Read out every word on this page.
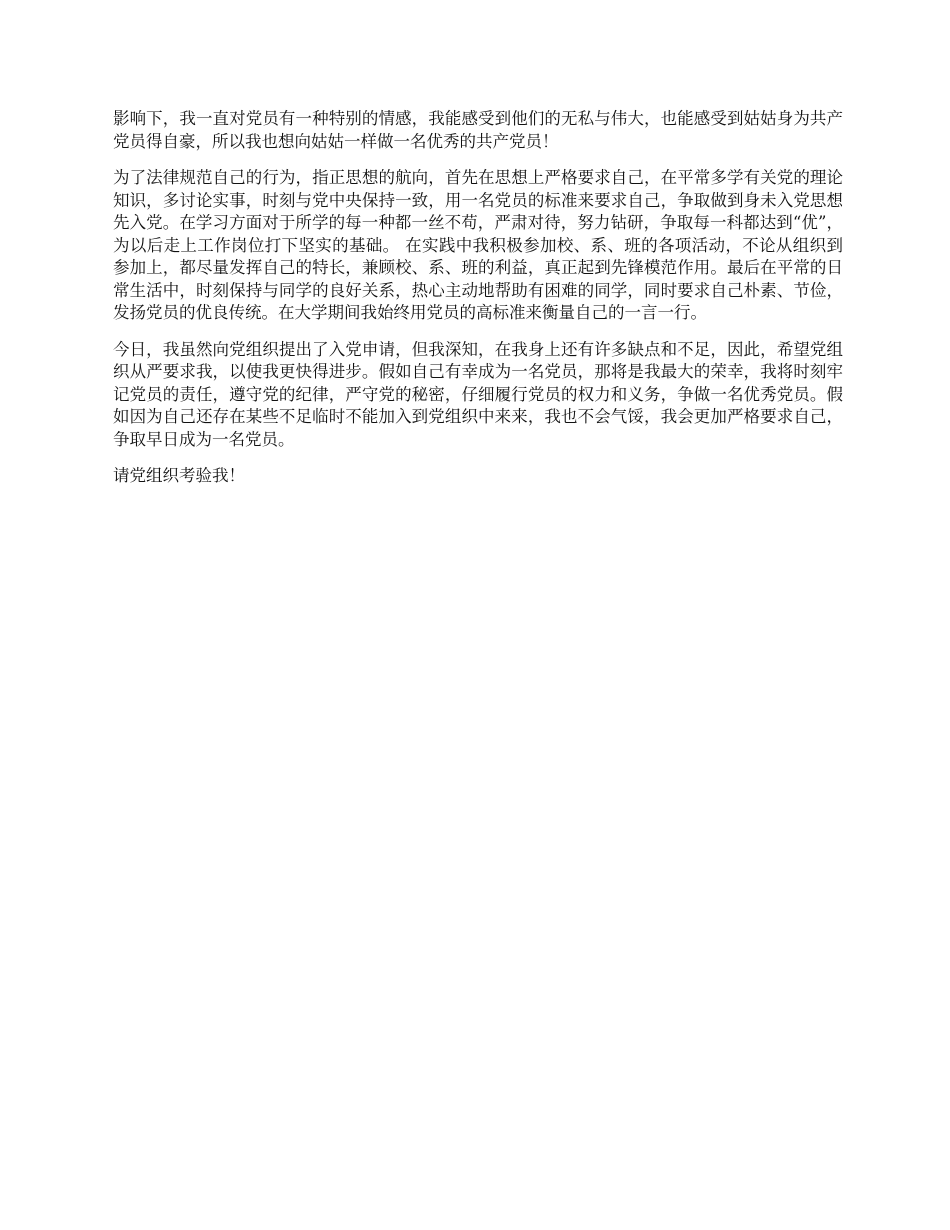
影响下，我一直对党员有一种特别的情感，我能感受到他们的无私与伟大，也能感受到姑姑身为共产党员得自豪，所以我也想向姑姑一样做一名优秀的共产党员！

为了法律规范自己的行为，指正思想的航向，首先在思想上严格要求自己，在平常多学有关党的理论知识，多讨论实事，时刻与党中央保持一致，用一名党员的标准来要求自己，争取做到身未入党思想先入党。在学习方面对于所学的每一种都一丝不苟，严肃对待，努力钻研，争取每一科都达到“优”，为以后走上工作岗位打下坚实的基础。 在实践中我积极参加校、系、班的各项活动，不论从组织到参加上，都尽量发挥自己的特长，兼顾校、系、班的利益，真正起到先锋模范作用。最后在平常的日常生活中，时刻保持与同学的良好关系，热心主动地帮助有困难的同学，同时要求自己朴素、节俭，发扬党员的优良传统。在大学期间我始终用党员的高标准来衡量自己的一言一行。

今日，我虽然向党组织提出了入党申请，但我深知，在我身上还有许多缺点和不足，因此，希望党组织从严要求我，以使我更快得进步。假如自己有幸成为一名党员，那将是我最大的荣幸，我将时刻牢记党员的责任，遵守党的纪律，严守党的秘密，仔细履行党员的权力和义务，争做一名优秀党员。假如因为自己还存在某些不足临时不能加入到党组织中来来，我也不会气馁，我会更加严格要求自己，争取早日成为一名党员。

请党组织考验我！
